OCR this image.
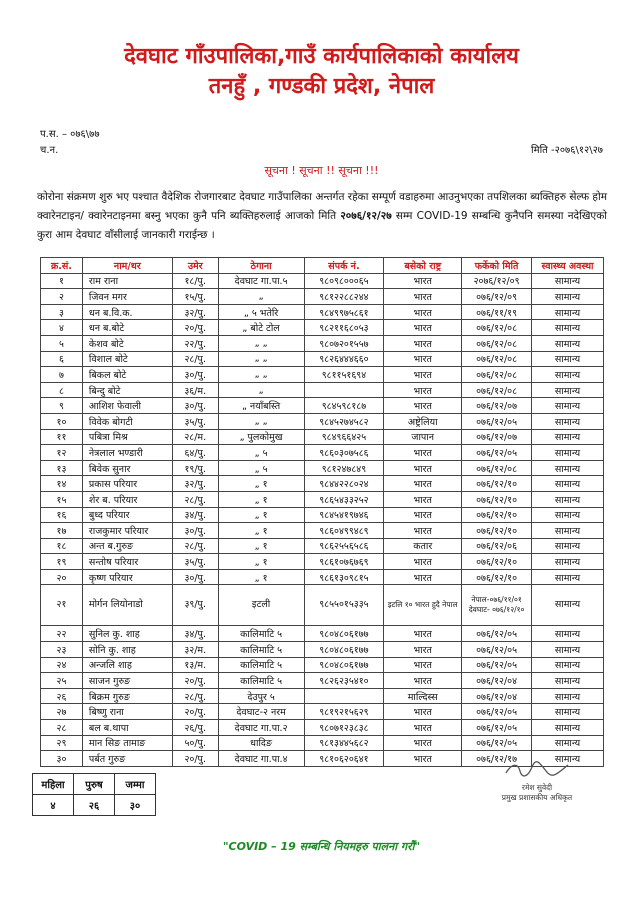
देवघाट गाँउपालिका,गाउँ कार्यपालिकाको कार्यालय
तनहुँ , गण्डकी प्रदेश, नेपाल
प.स. – ०७६\७७
च.न.	मिति -२०७६\१२\२७
सूचना ! सूचना !! सूचना !!!
कोरोना संक्रमण शुरु भए पश्चात वैदेशिक रोजगारबाट देवघाट गाउँपालिका अन्तर्गत रहेका सम्पूर्ण वडाहरुमा आउनुभएका तपशिलका ब्यक्तिहरु सेल्फ होम क्वारेनटाइन/ क्वारेनटाइनमा बस्नु भएका कुनै पनि ब्यक्तिहरुलाई आजको मिति २०७६/१२/२७ सम्म COVID-19 सम्बन्धि कुनैपनि समस्या नदेखिएको कुरा आम देवघाट वाँसीलाई जानकारी गराईन्छ ।
क्र.सं.	नाम/थर	उमेर	ठेगाना	संपर्क नं.	बसेको राष्ट्र	फर्केको मिति	स्वास्थ्य अवस्था
१	राम राना	१८/पु.	देवघाट गा.पा.५	९८०९८०००६५	भारत	२०७६/१२/०९	सामान्य
२	जिवन मगर	१५/पु.	„	९८१२२८८२४४	भारत	०७६/१२/०९	सामान्य
३	धन ब.वि.क.	३२/पु.	„ ५ भतेरि	९८४९९७५८६१	भारत	०७६/११/१९	सामान्य
४	धन ब.बोटे	२०/पु.	„ बोटे टोल	९८२११६८०५३	भारत	०७६/१२/०८	सामान्य
५	केशव बोटे	२२/पु.	„ „	९८०७२०१५५७	भारत	०७६/१२/०८	सामान्य
६	विशाल बोटे	२८/पु.	„ „	९८२६४४४६६०	भारत	०७६/१२/०८	सामान्य
७	बिकल बोटे	३०/पु.	„ „	९८११५१६९४	भारत	०७६/१२/०८	सामान्य
८	बिन्दु बोटे	३६/म.	„		भारत	०७६/१२/०८	सामान्य
९	आशिश फेवाली	३०/पु.	„ नयाँबस्ति	९८४५९८१८७	भारत	०७६/१२/०७	सामान्य
१०	विवेक बोगटी	३५/पु.	„ „	९८४५२७४५८२	अष्ट्रेलिया	०७६/१२/०५	सामान्य
११	पबित्रा मिश्र	२८/म.	„ पुलकोमुख	९८४९६६४२५	जापान	०७६/१२/०७	सामान्य
१२	नेत्रलाल भण्डारी	६४/पु.	„ ५	९८६०३०७५८६	भारत	०७६/१२/०५	सामान्य
१३	बिवेक सुनार	१९/पु.	„ ५	९८१२४७८४९	भारत	०७६/१२/०८	सामान्य
१४	प्रकास परियार	३२/पु.	„ १	९८४४२२८०२४	भारत	०७६/१२/१०	सामान्य
१५	शेर ब. परियार	२८/पु.	„ १	९८६५४३३२५२	भारत	०७६/१२/१०	सामान्य
१६	बुध्द परियार	३४/पु.	„ १	९८४५४१९७४६	भारत	०७६/१२/१०	सामान्य
१७	राजकुमार परियार	३०/पु.	„ १	९८६०४९९४८९	भारत	०७६/१२/१०	सामान्य
१८	अन्त ब.गुरुङ	२८/पु.	„ १	९८६२५५६५८६	कतार	०७६/१२/०६	सामान्य
१९	सन्तोष परियार	३५/पु.	„ १	९८६१०७६७६९	भारत	०७६/१२/१०	सामान्य
२०	कृष्ण परियार	३०/पु.	„ १	९८६१३०९८१५	भारत	०७६/१२/१०	सामान्य
२१	मोर्गन लियोनाडो	३९/पु.	इटली	९८५५०१५३३५	इटलि १० भारत हुदै नेपाल	नेपाल-०७६/११/०१ देवघाट- ०७६/१२/१०	सामान्य
२२	सुनिल कु. शाह	३४/पु.	कालिमाटि ५	९८०४८०६१७७	भारत	०७६/१२/०५	सामान्य
२३	सोनि कु. शाह	३२/म.	कालिमाटि ५	९८०४८०६१७७	भारत	०७६/१२/०५	सामान्य
२४	अन्जलि शाह	१३/म.	कालिमाटि ५	९८०४८०६१७७	भारत	०७६/१२/०५	सामान्य
२५	साजन गुरुङ	२०/पु.	कालिमाटि ५	९८२६२३५४१०	भारत	०७६/१२/०४	सामान्य
२६	बिक्रम गुरुङ	२८/पु.	देउपुर ५		माल्दिस्स	०७६/१२/०४	सामान्य
२७	बिष्णु राना	२०/पु.	देवघाट-२ नरम	९८१९२१५६२९	भारत	०७६/१२/०५	सामान्य
२८	बल ब.थापा	२६/पु.	देवघाट गा.पा.२	९८०७१२३८३८	भारत	०७६/१२/०५	सामान्य
२९	मान सिङ तामाङ	५०/पु.	धादिङ	९८१३४४५६८२	भारत	०७६/१२/०५	सामान्य
३०	पर्बत गुरुङ	२०/पु.	देवघाट गा.पा.४	९८१०६२०६४१	भारत	०७६/१२/१७	सामान्य
महिला	पुरुष	जम्मा
४	२६	३०
रमेश सुवेदी
प्रमुख प्रशासकीय अधिकृत
"COVID – 19 सम्बन्धि नियमहरु पालना गरौं"
